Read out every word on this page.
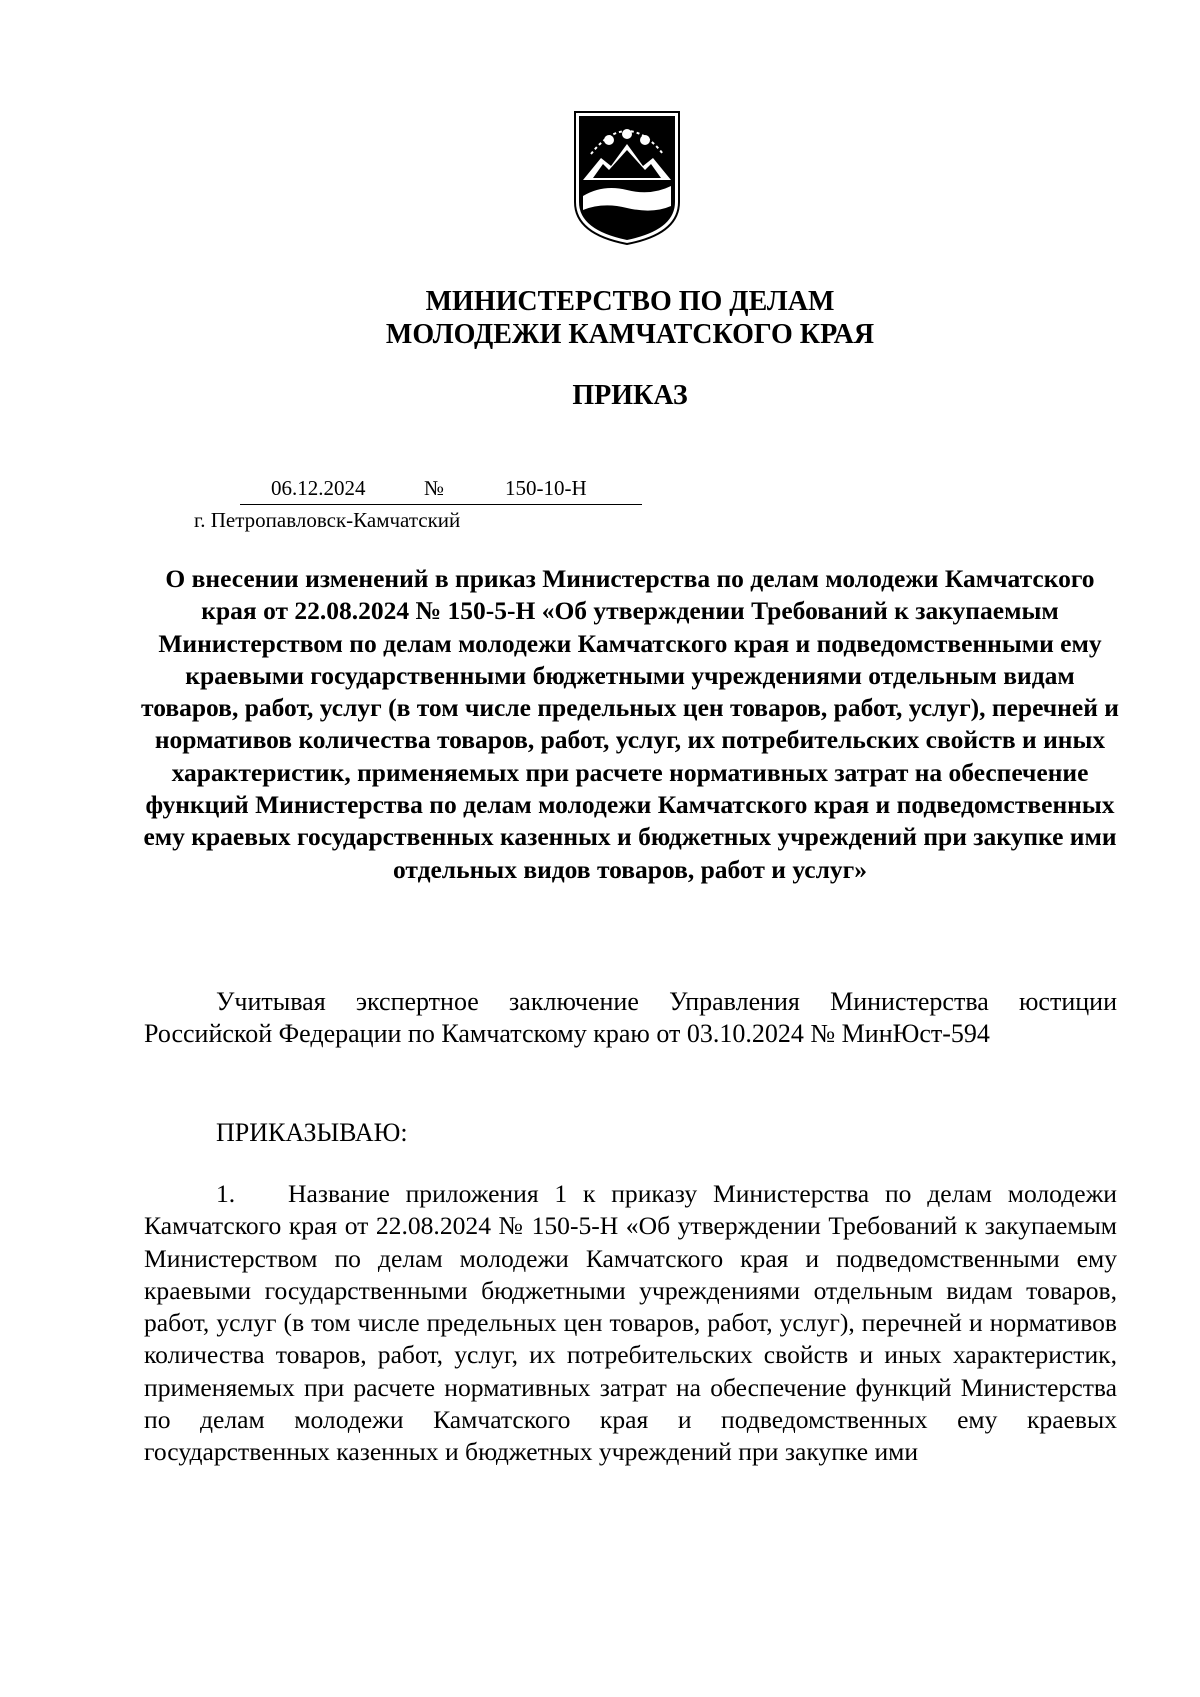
МИНИСТЕРСТВО ПО ДЕЛАМ
МОЛОДЕЖИ КАМЧАТСКОГО КРАЯ
ПРИКАЗ
06.12.2024	№	150-10-Н
г. Петропавловск-Камчатский
О внесении изменений в приказ Министерства по делам молодежи Камчатского края от 22.08.2024 № 150-5-Н «Об утверждении Требований к закупаемым Министерством по делам молодежи Камчатского края и подведомственными ему краевыми государственными бюджетными учреждениями отдельным видам товаров, работ, услуг (в том числе предельных цен товаров, работ, услуг), перечней и нормативов количества товаров, работ, услуг, их потребительских свойств и иных характеристик, применяемых при расчете нормативных затрат на обеспечение функций Министерства по делам молодежи Камчатского края и подведомственных ему краевых государственных казенных и бюджетных учреждений при закупке ими отдельных видов товаров, работ и услуг»
Учитывая экспертное заключение Управления Министерства юстиции Российской Федерации по Камчатскому краю от 03.10.2024 № МинЮст-594
ПРИКАЗЫВАЮ:
1. Название приложения 1 к приказу Министерства по делам молодежи Камчатского края от 22.08.2024 № 150-5-Н «Об утверждении Требований к закупаемым Министерством по делам молодежи Камчатского края и подведомственными ему краевыми государственными бюджетными учреждениями отдельным видам товаров, работ, услуг (в том числе предельных цен товаров, работ, услуг), перечней и нормативов количества товаров, работ, услуг, их потребительских свойств и иных характеристик, применяемых при расчете нормативных затрат на обеспечение функций Министерства по делам молодежи Камчатского края и подведомственных ему краевых государственных казенных и бюджетных учреждений при закупке ими
